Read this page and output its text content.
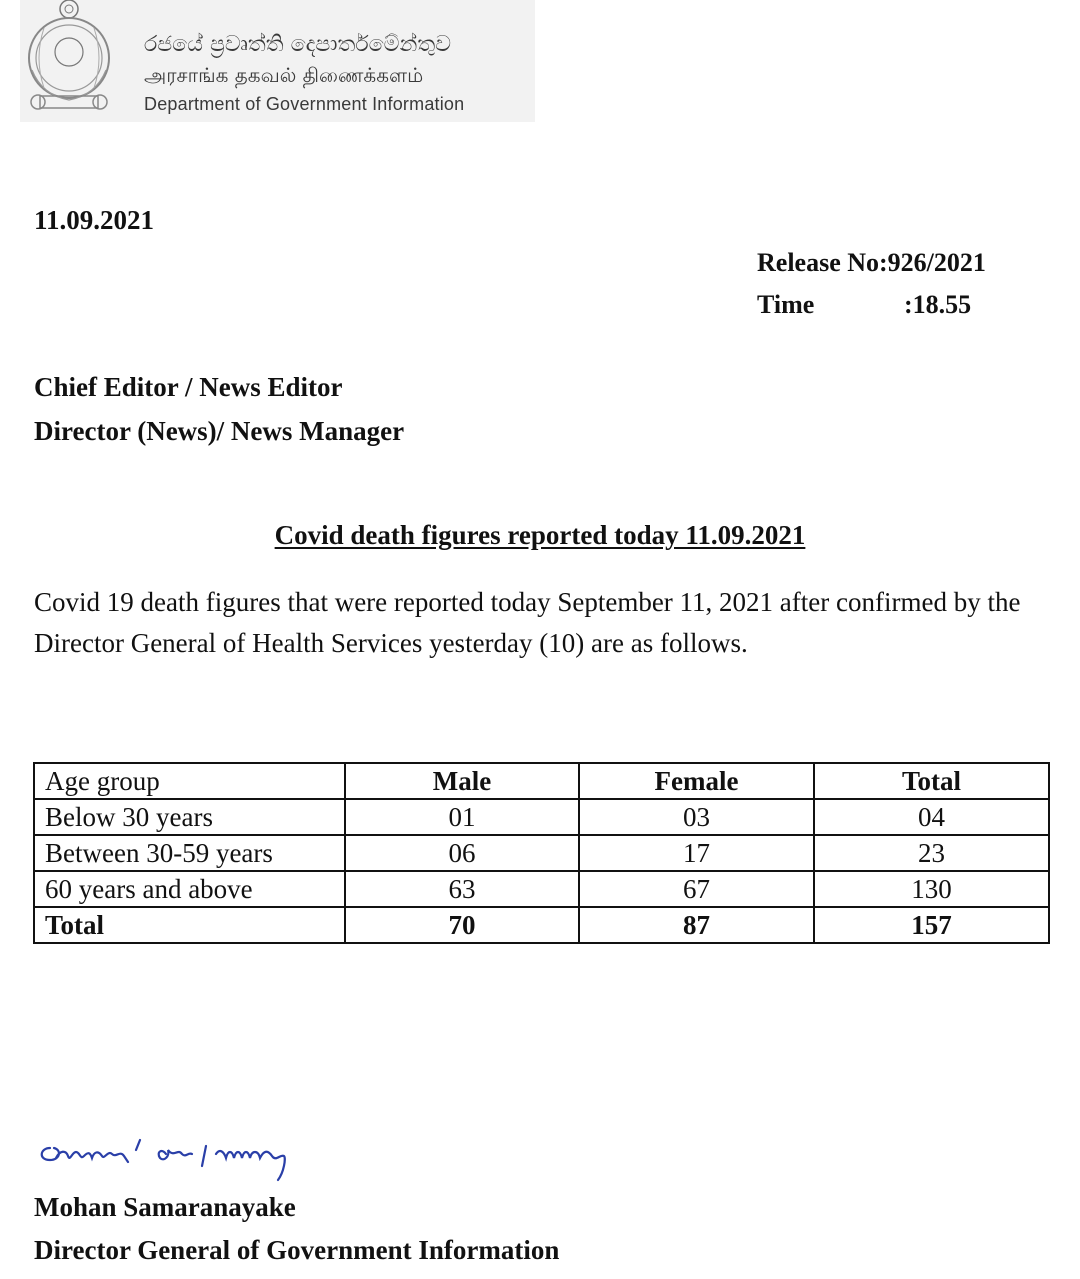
රජයේ ප්‍රවෘත්ති දෙපාර්තමේන්තුව
அரசாங்க தகவல் திணைக்களம்
Department of Government Information
11.09.2021
Release No:926/2021
Time	:18.55
Chief Editor / News Editor
Director (News)/ News Manager
Covid death figures reported today 11.09.2021
Covid 19 death figures that were reported today September 11, 2021 after confirmed by the Director General of Health Services yesterday (10) are as follows.
Age group	Male	Female	Total
Below 30 years	01	03	04
Between 30-59 years	06	17	23
60 years and above	63	67	130
Total	70	87	157
Mohan Samaranayake
Director General of Government Information
